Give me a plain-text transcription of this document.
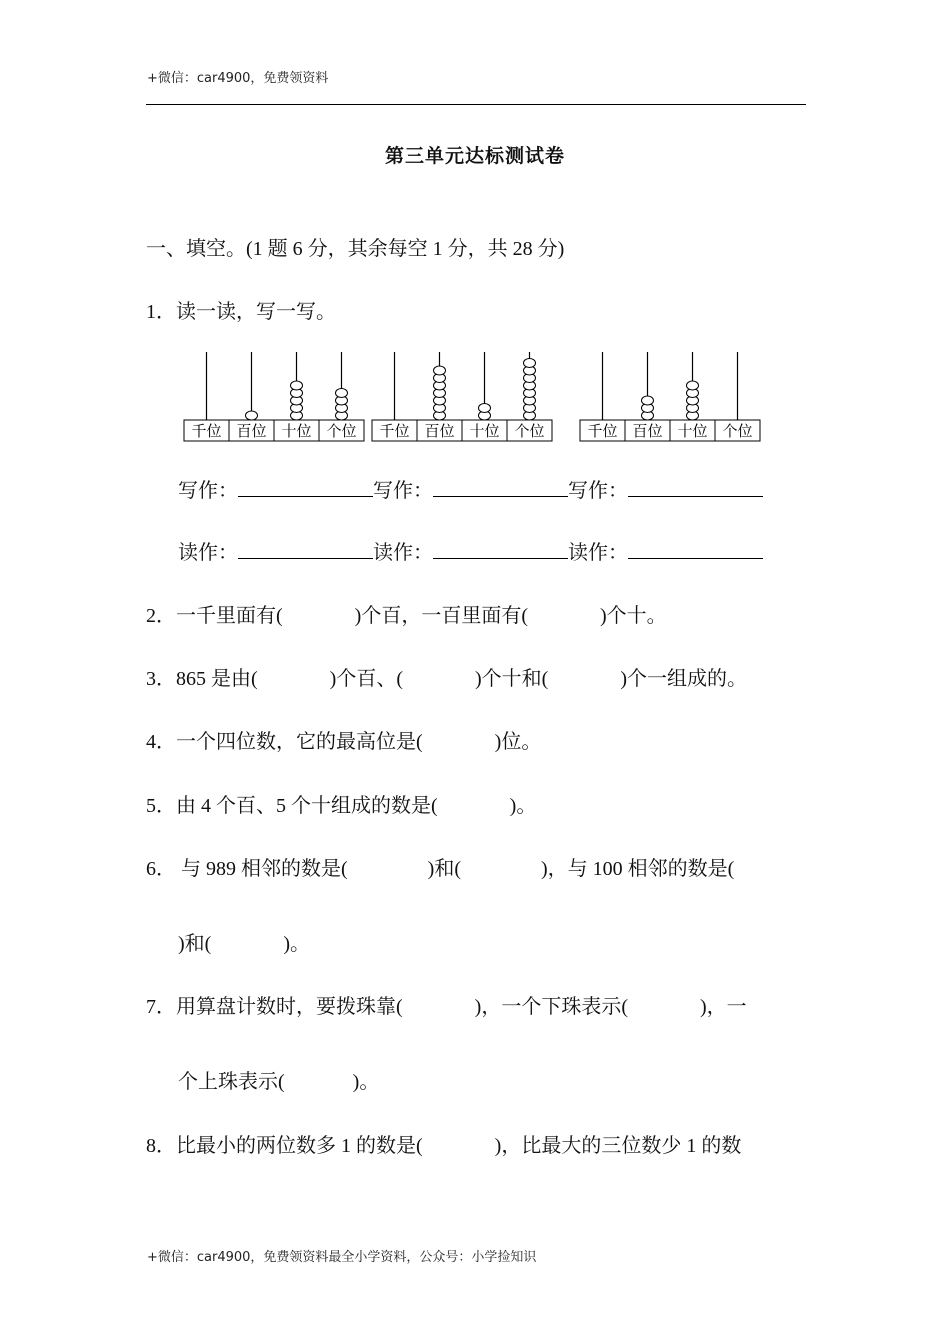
+微信：car4900，免费领资料
第三单元达标测试卷
一、填空。(1 题 6 分，其余每空 1 分，共 28 分)
1．读一读，写一写。
千位 百位 十位 个位 千位 百位 十位 个位	千位 百位 十位 个位
写作：	写作：	写作：
读作：	读作：	读作：
2．一千里面有(	)个百，一百里面有(	)个十。
3．865 是由(	)个百、(	)个十和(	)个一组成的。
4．一个四位数，它的最高位是(	)位。
5．由 4 个百、5 个十组成的数是(	)。
6． 与 989 相邻的数是(	)和(	)，与 100 相邻的数是(
)和(	)。
7．用算盘计数时，要拨珠靠(	)，一个下珠表示(	)，一
个上珠表示(	)。
8．比最小的两位数多 1 的数是(	)，比最大的三位数少 1 的数
+微信：car4900，免费领资料最全小学资料，公众号：小学捡知识
